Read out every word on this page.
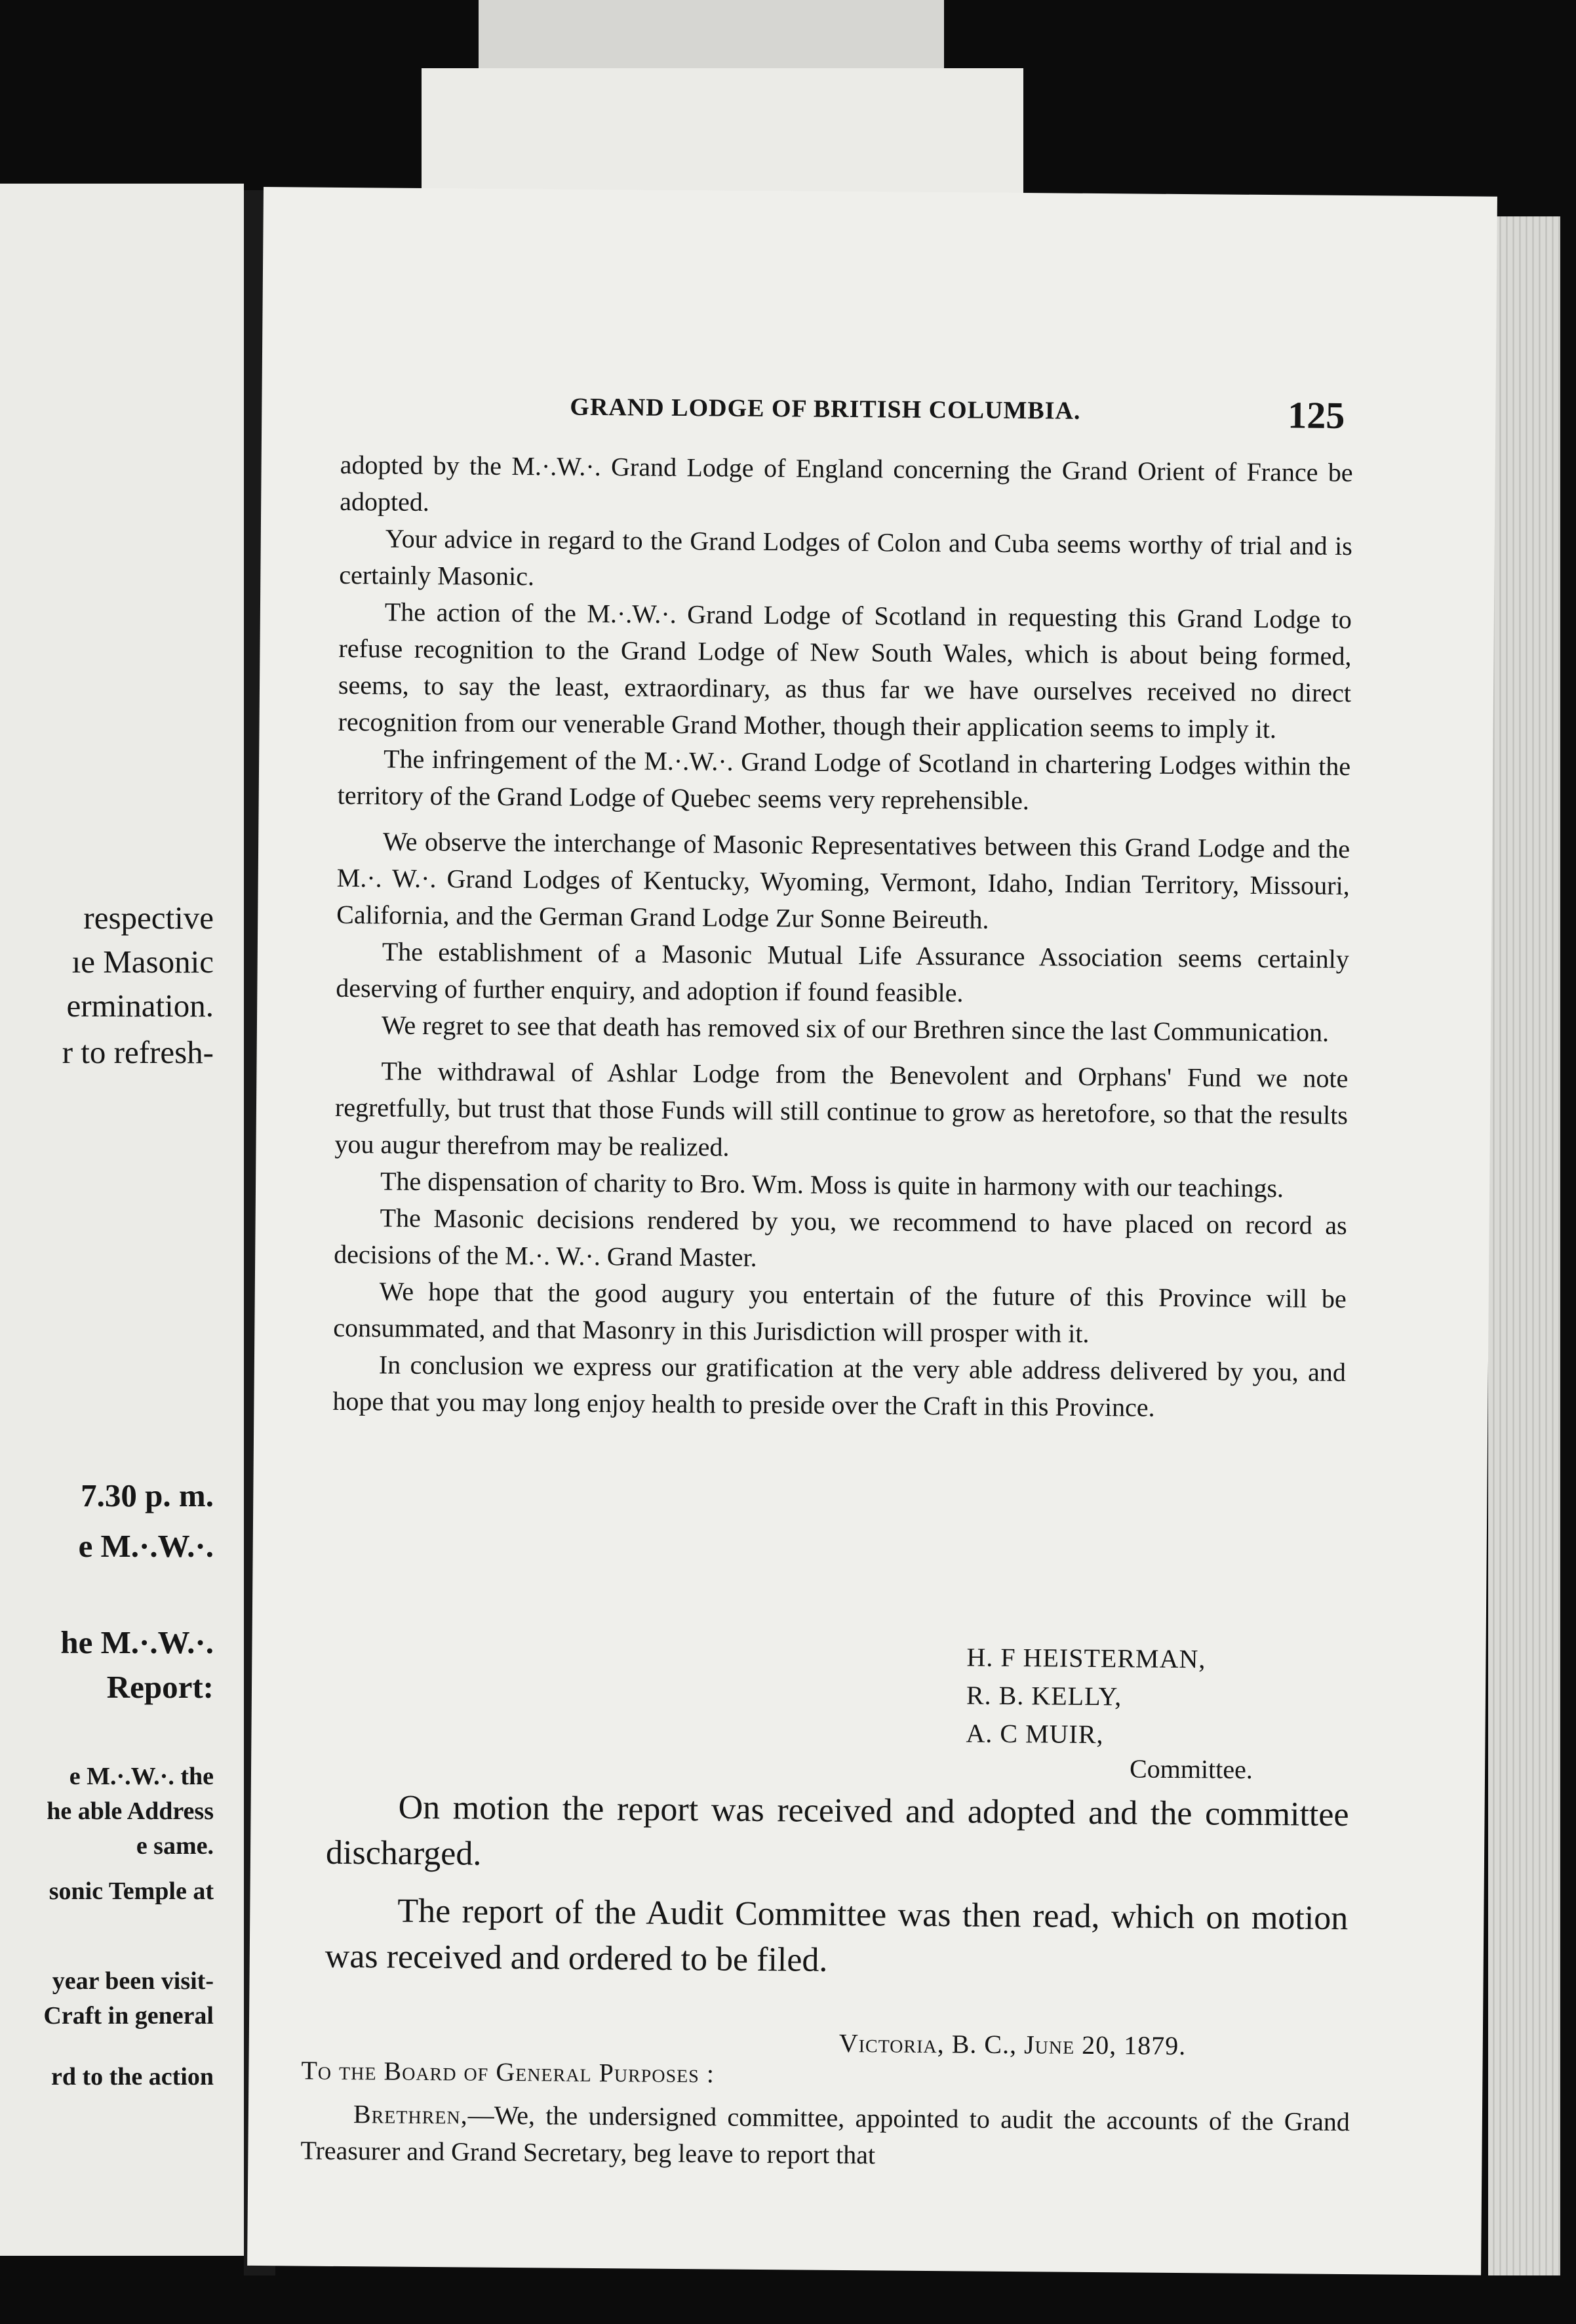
respective
ıe Masonic
ermination.
r to refresh-
7.30 p. m.
e M.·.W.·.
he M.·.W.·.
Report:
e M.·.W.·. the
he able Address
e same.
sonic Temple at
year been visit-
Craft in general
rd to the action
GRAND LODGE OF BRITISH COLUMBIA.	125

adopted by the M.·.W.·. Grand Lodge of England concerning the Grand Orient of France be adopted.

Your advice in regard to the Grand Lodges of Colon and Cuba seems worthy of trial and is certainly Masonic.

The action of the M.·.W.·. Grand Lodge of Scotland in requesting this Grand Lodge to refuse recognition to the Grand Lodge of New South Wales, which is about being formed, seems, to say the least, extraordinary, as thus far we have ourselves received no direct recognition from our venerable Grand Mother, though their application seems to imply it.

The infringement of the M.·.W.·. Grand Lodge of Scotland in chartering Lodges within the territory of the Grand Lodge of Quebec seems very reprehensible.

We observe the interchange of Masonic Representatives between this Grand Lodge and the M.·. W.·. Grand Lodges of Kentucky, Wyoming, Vermont, Idaho, Indian Territory, Missouri, California, and the German Grand Lodge Zur Sonne Beireuth.

The establishment of a Masonic Mutual Life Assurance Association seems certainly deserving of further enquiry, and adoption if found feasible.

We regret to see that death has removed six of our Brethren since the last Communication.

The withdrawal of Ashlar Lodge from the Benevolent and Orphans' Fund we note regretfully, but trust that those Funds will still continue to grow as heretofore, so that the results you augur therefrom may be realized.

The dispensation of charity to Bro. Wm. Moss is quite in harmony with our teachings.

The Masonic decisions rendered by you, we recommend to have placed on record as decisions of the M.·. W.·. Grand Master.

We hope that the good augury you entertain of the future of this Province will be consummated, and that Masonry in this Jurisdiction will prosper with it.

In conclusion we express our gratification at the very able address delivered by you, and hope that you may long enjoy health to preside over the Craft in this Province.

H. F HEISTERMAN,
R. B. KELLY,
A. C MUIR,
Committee.

On motion the report was received and adopted and the committee discharged.

The report of the Audit Committee was then read, which on motion was received and ordered to be filed.

Victoria, B. C., June 20, 1879.
To the Board of General Purposes :
Brethren,—We, the undersigned committee, appointed to audit the accounts of the Grand Treasurer and Grand Secretary, beg leave to report that
